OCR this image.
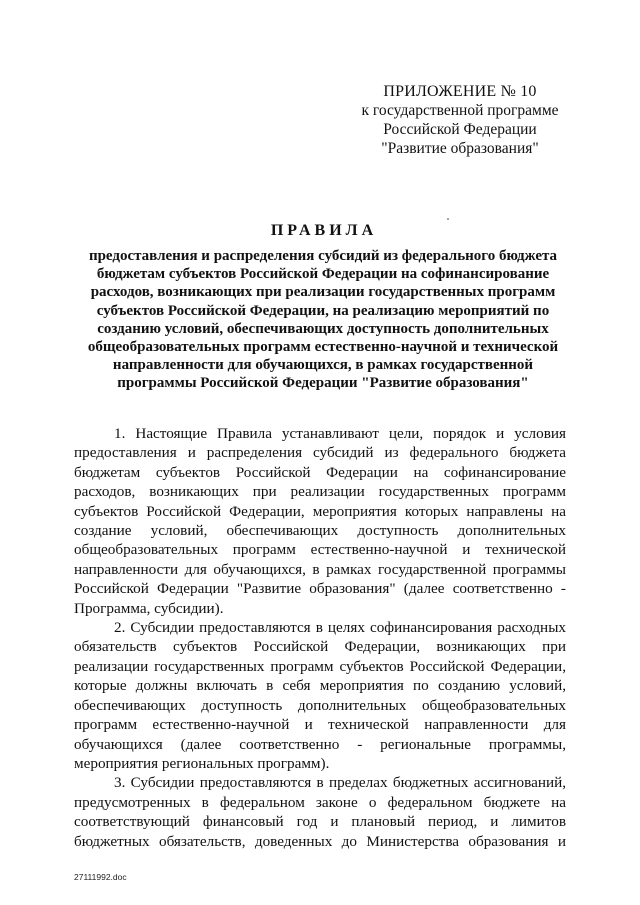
ПРИЛОЖЕНИЕ № 10
к государственной программе
Российской Федерации
"Развитие образования"
ПРАВИЛА
предоставления и распределения субсидий из федерального бюджета
бюджетам субъектов Российской Федерации на софинансирование
расходов, возникающих при реализации государственных программ
субъектов Российской Федерации, на реализацию мероприятий по
созданию условий, обеспечивающих доступность дополнительных
общеобразовательных программ естественно-научной и технической
направленности для обучающихся, в рамках государственной
программы Российской Федерации "Развитие образования"
1. Настоящие Правила устанавливают цели, порядок и условия
предоставления и распределения субсидий из федерального бюджета
бюджетам субъектов Российской Федерации на софинансирование
расходов, возникающих при реализации государственных программ
субъектов Российской Федерации, мероприятия которых направлены на
создание условий, обеспечивающих доступность дополнительных
общеобразовательных программ естественно-научной и технической
направленности для обучающихся, в рамках государственной программы
Российской Федерации "Развитие образования" (далее соответственно -
Программа, субсидии).
2. Субсидии предоставляются в целях софинансирования расходных
обязательств субъектов Российской Федерации, возникающих при
реализации государственных программ субъектов Российской Федерации,
которые должны включать в себя мероприятия по созданию условий,
обеспечивающих доступность дополнительных общеобразовательных
программ естественно-научной и технической направленности для
обучающихся (далее соответственно - региональные программы,
мероприятия региональных программ).
3. Субсидии предоставляются в пределах бюджетных ассигнований,
предусмотренных в федеральном законе о федеральном бюджете на
соответствующий финансовый год и плановый период, и лимитов
бюджетных обязательств, доведенных до Министерства образования и
27111992.doc
